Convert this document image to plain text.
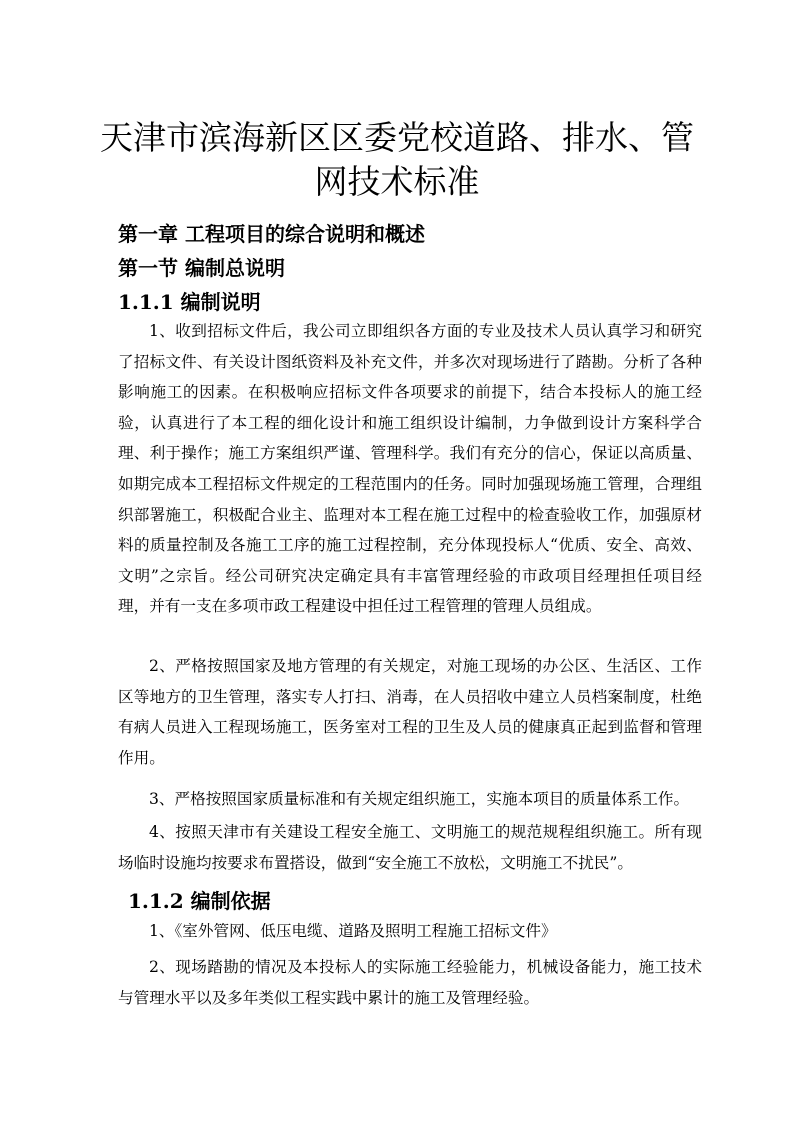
天津市滨海新区区委党校道路、排水、管网技术标准
第一章 工程项目的综合说明和概述
第一节 编制总说明
1.1.1 编制说明

1、收到招标文件后，我公司立即组织各方面的专业及技术人员认真学习和研究了招标文件、有关设计图纸资料及补充文件，并多次对现场进行了踏勘。分析了各种影响施工的因素。在积极响应招标文件各项要求的前提下，结合本投标人的施工经验，认真进行了本工程的细化设计和施工组织设计编制，力争做到设计方案科学合理、利于操作；施工方案组织严谨、管理科学。我们有充分的信心，保证以高质量、如期完成本工程招标文件规定的工程范围内的任务。同时加强现场施工管理，合理组织部署施工，积极配合业主、监理对本工程在施工过程中的检查验收工作，加强原材料的质量控制及各施工工序的施工过程控制，充分体现投标人“优质、安全、高效、文明”之宗旨。经公司研究决定确定具有丰富管理经验的市政项目经理担任项目经理，并有一支在多项市政工程建设中担任过工程管理的管理人员组成。

2、严格按照国家及地方管理的有关规定，对施工现场的办公区、生活区、工作区等地方的卫生管理，落实专人打扫、消毒，在人员招收中建立人员档案制度，杜绝有病人员进入工程现场施工，医务室对工程的卫生及人员的健康真正起到监督和管理作用。

3、严格按照国家质量标准和有关规定组织施工，实施本项目的质量体系工作。

4、按照天津市有关建设工程安全施工、文明施工的规范规程组织施工。所有现场临时设施均按要求布置搭设，做到“安全施工不放松，文明施工不扰民”。

1.1.2 编制依据

1、《室外管网、低压电缆、道路及照明工程施工招标文件》

2、现场踏勘的情况及本投标人的实际施工经验能力，机械设备能力，施工技术与管理水平以及多年类似工程实践中累计的施工及管理经验。
